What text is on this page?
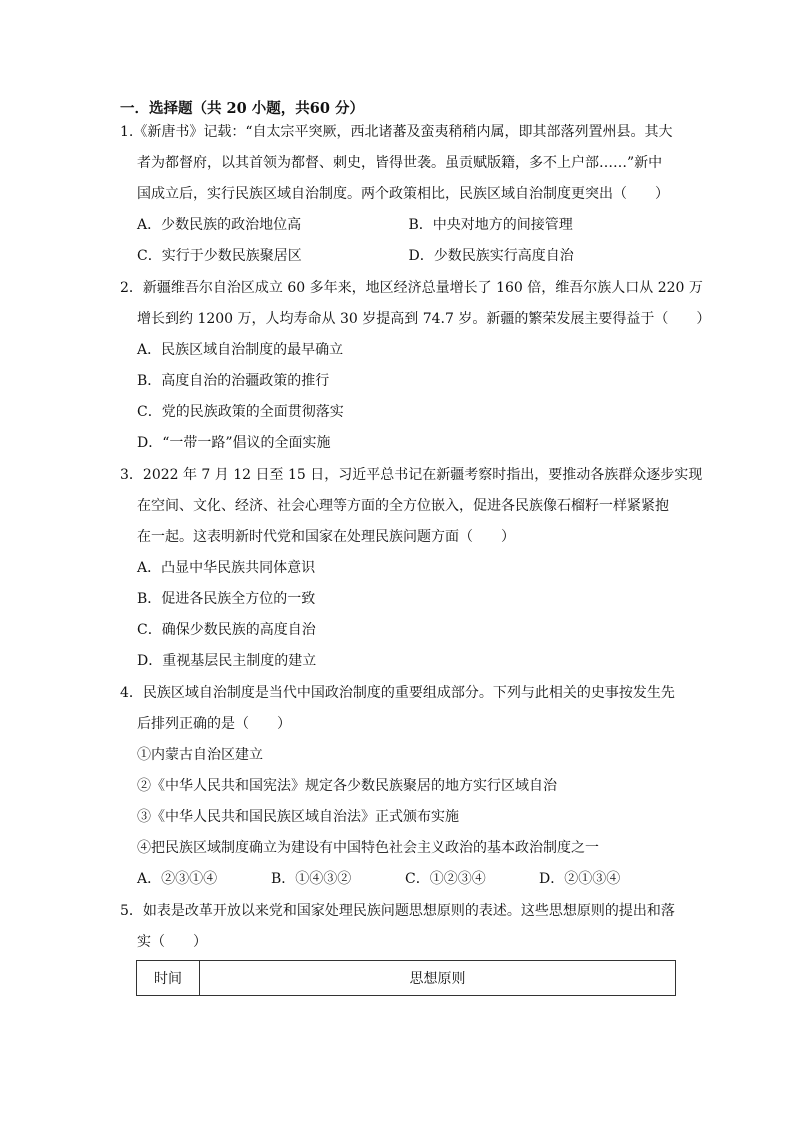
一．选择题（共 20 小题，共60 分）
1.《新唐书》记载：“自太宗平突厥，西北诸蕃及蛮夷稍稍内属，即其部落列置州县。其大
者为都督府，以其首领为都督、刺史，皆得世袭。虽贡赋版籍，多不上户部……”新中
国成立后，实行民族区域自治制度。两个政策相比，民族区域自治制度更突出（　　）
A．少数民族的政治地位高	B．中央对地方的间接管理
C．实行于少数民族聚居区	D．少数民族实行高度自治
2．新疆维吾尔自治区成立 60 多年来，地区经济总量增长了 160 倍，维吾尔族人口从 220 万
增长到约 1200 万，人均寿命从 30 岁提高到 74.7 岁。新疆的繁荣发展主要得益于（　　）
A．民族区域自治制度的最早确立
B．高度自治的治疆政策的推行
C．党的民族政策的全面贯彻落实
D．“一带一路”倡议的全面实施
3．2022 年 7 月 12 日至 15 日，习近平总书记在新疆考察时指出，要推动各族群众逐步实现
在空间、文化、经济、社会心理等方面的全方位嵌入，促进各民族像石榴籽一样紧紧抱
在一起。这表明新时代党和国家在处理民族问题方面（　　）
A．凸显中华民族共同体意识
B．促进各民族全方位的一致
C．确保少数民族的高度自治
D．重视基层民主制度的建立
4．民族区域自治制度是当代中国政治制度的重要组成部分。下列与此相关的史事按发生先
后排列正确的是（　　）
①内蒙古自治区建立
②《中华人民共和国宪法》规定各少数民族聚居的地方实行区域自治
③《中华人民共和国民族区域自治法》正式颁布实施
④把民族区域制度确立为建设有中国特色社会主义政治的基本政治制度之一
A．②③①④	B．①④③②	C．①②③④	D．②①③④
5．如表是改革开放以来党和国家处理民族问题思想原则的表述。这些思想原则的提出和落
实（　　）
时间	思想原则
